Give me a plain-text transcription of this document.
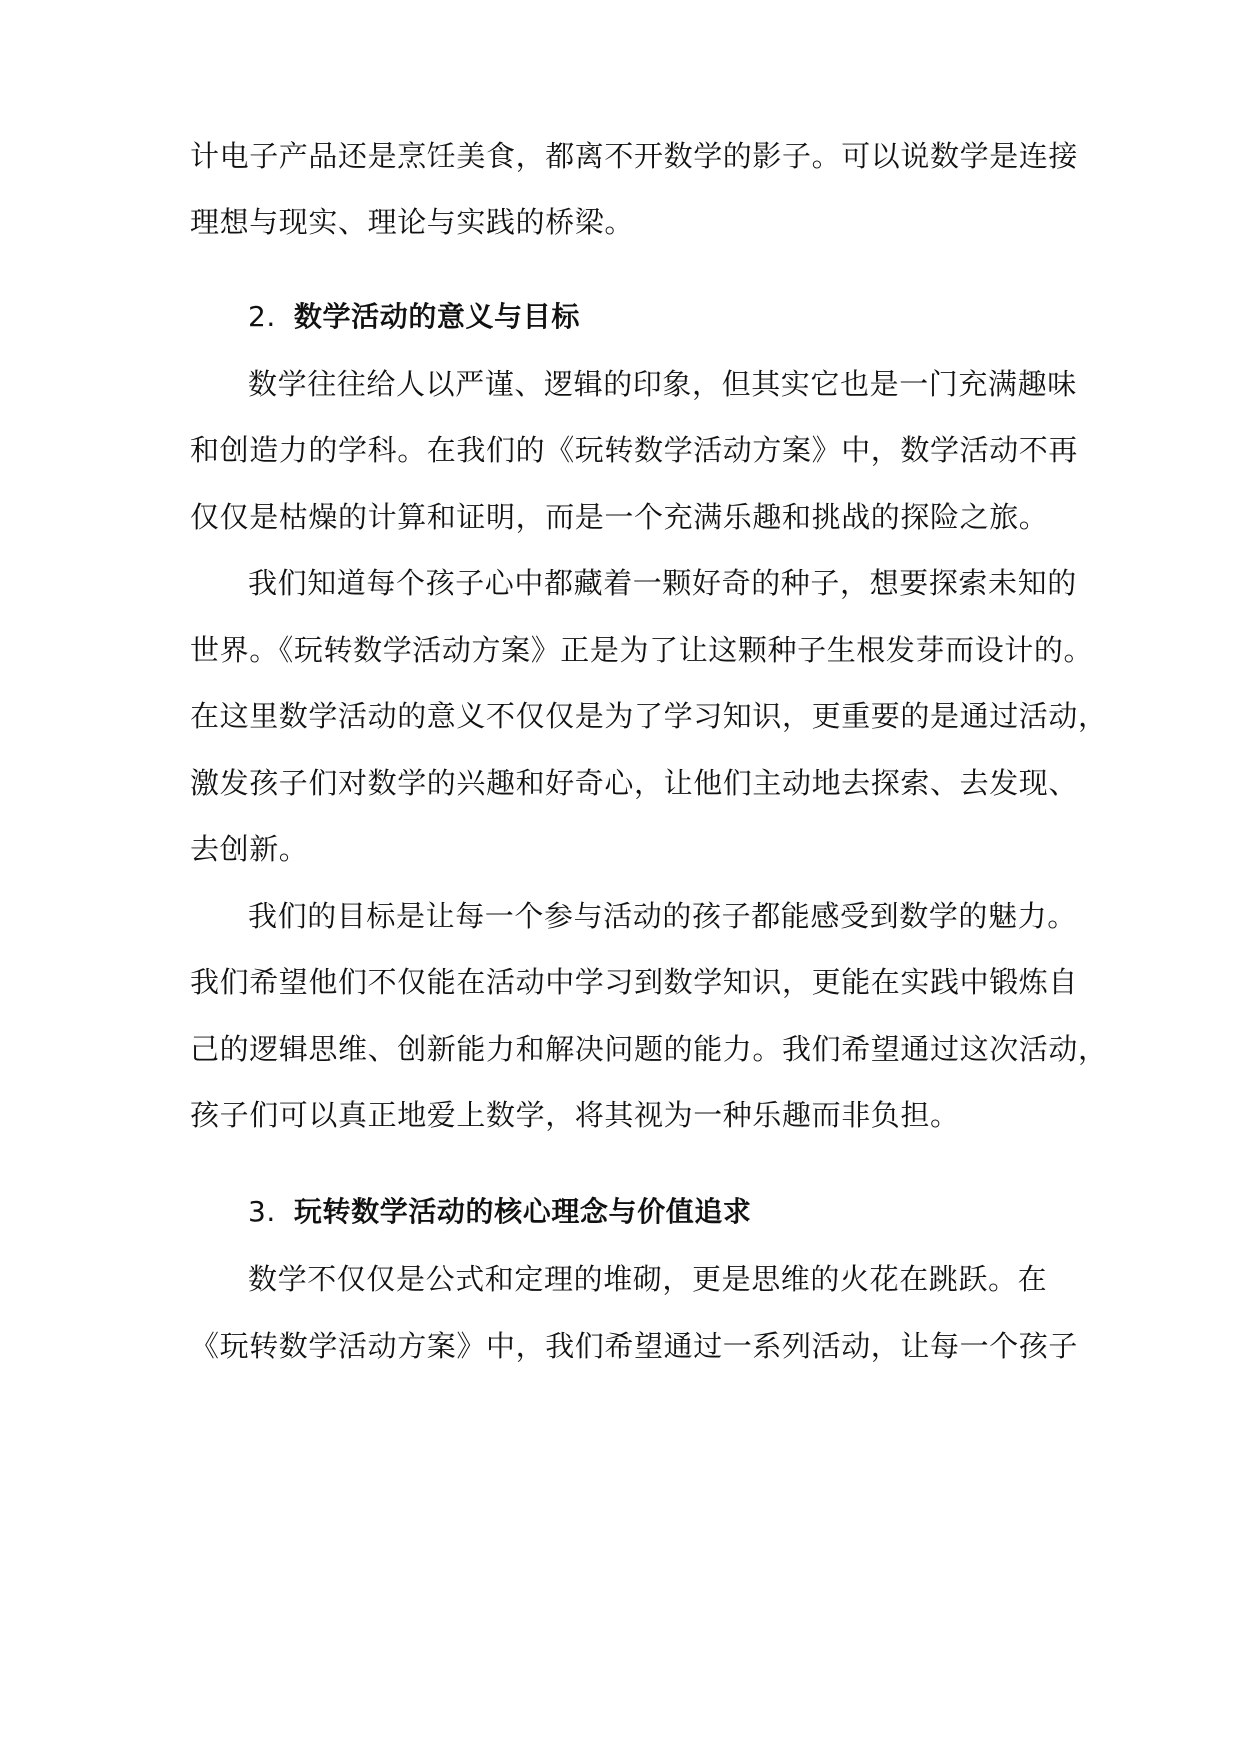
计电子产品还是烹饪美食，都离不开数学的影子。可以说数学是连接
理想与现实、理论与实践的桥梁。
2. 数学活动的意义与目标
数学往往给人以严谨、逻辑的印象，但其实它也是一门充满趣味
和创造力的学科。在我们的《玩转数学活动方案》中，数学活动不再
仅仅是枯燥的计算和证明，而是一个充满乐趣和挑战的探险之旅。
我们知道每个孩子心中都藏着一颗好奇的种子，想要探索未知的
世界。《玩转数学活动方案》正是为了让这颗种子生根发芽而设计的。
在这里数学活动的意义不仅仅是为了学习知识，更重要的是通过活动，
激发孩子们对数学的兴趣和好奇心，让他们主动地去探索、去发现、
去创新。
我们的目标是让每一个参与活动的孩子都能感受到数学的魅力。
我们希望他们不仅能在活动中学习到数学知识，更能在实践中锻炼自
己的逻辑思维、创新能力和解决问题的能力。我们希望通过这次活动，
孩子们可以真正地爱上数学，将其视为一种乐趣而非负担。
3. 玩转数学活动的核心理念与价值追求
数学不仅仅是公式和定理的堆砌，更是思维的火花在跳跃。在
《玩转数学活动方案》中，我们希望通过一系列活动，让每一个孩子
